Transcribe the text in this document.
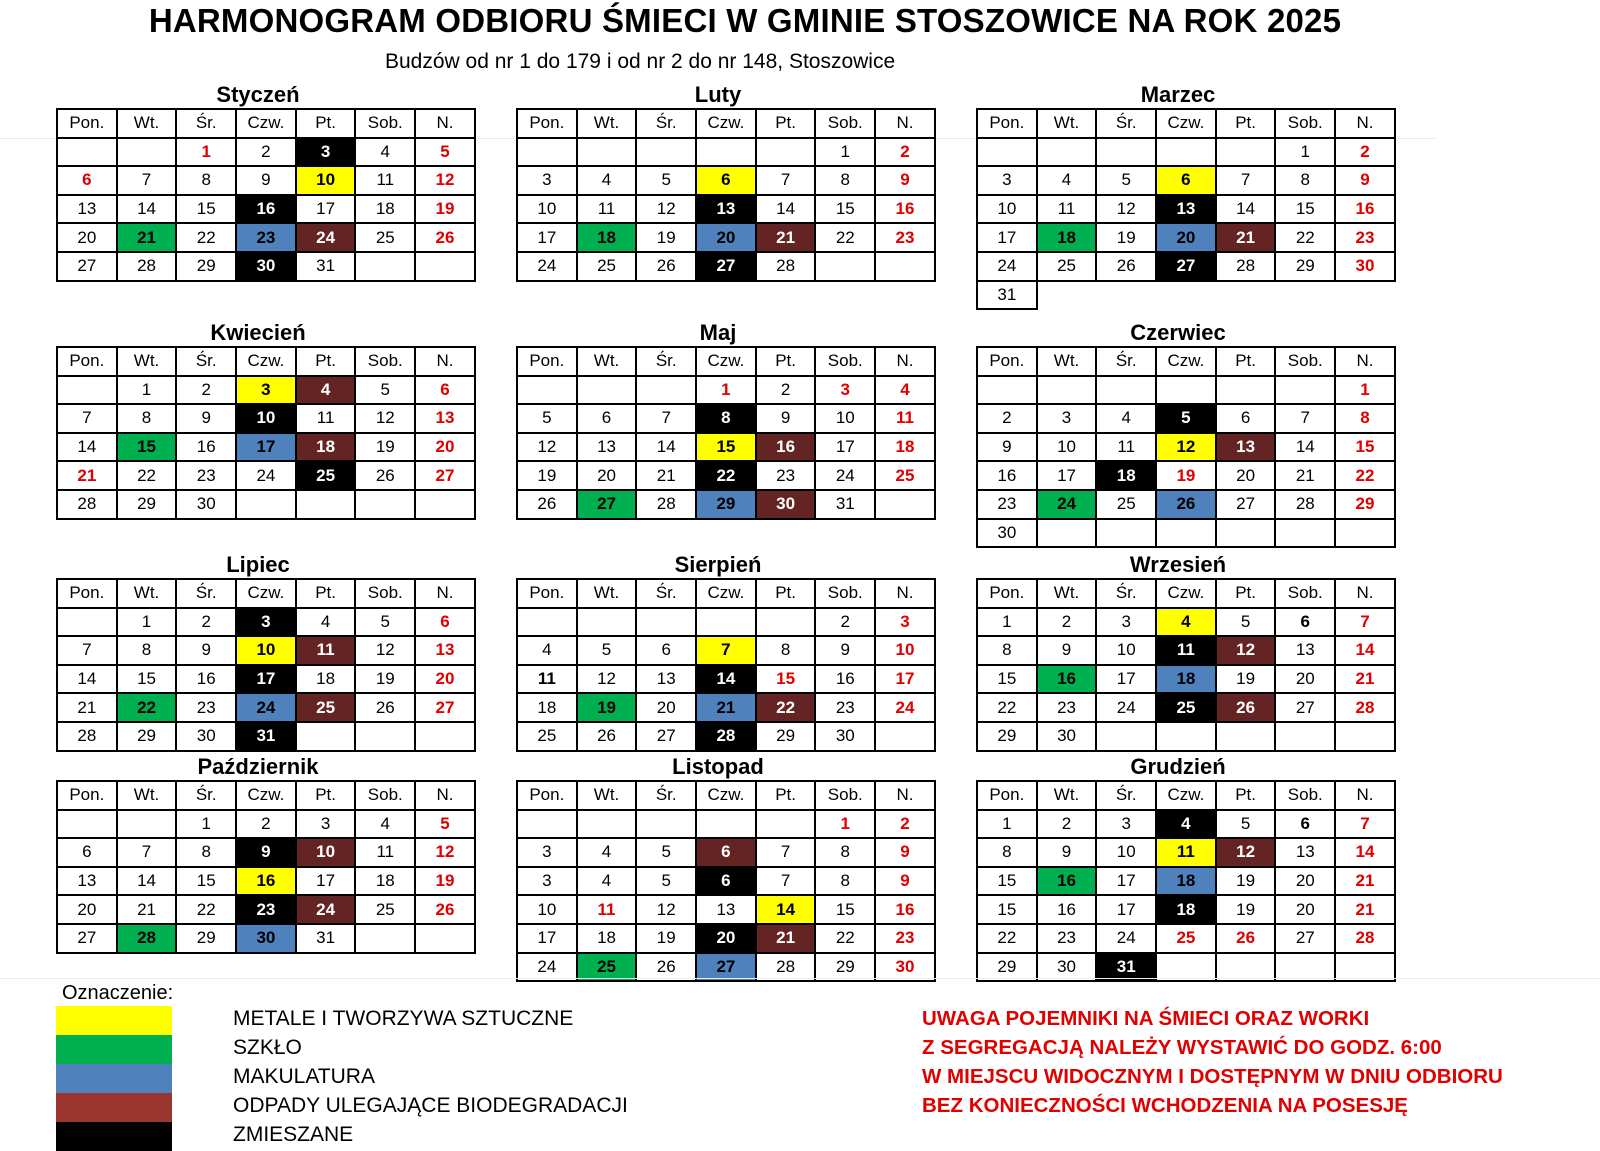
HARMONOGRAM ODBIORU ŚMIECI W GMINIE STOSZOWICE NA ROK 2025
Budzów od nr 1 do 179 i od nr 2 do nr 148, Stoszowice
Styczeń
Pon.	Wt.	Śr.	Czw.	Pt.	Sob.	N.
		1	2	3	4	5
6	7	8	9	10	11	12
13	14	15	16	17	18	19
20	21	22	23	24	25	26
27	28	29	30	31		
Luty
Pon.	Wt.	Śr.	Czw.	Pt.	Sob.	N.
					1	2
3	4	5	6	7	8	9
10	11	12	13	14	15	16
17	18	19	20	21	22	23
24	25	26	27	28		
Marzec
Pon.	Wt.	Śr.	Czw.	Pt.	Sob.	N.
					1	2
3	4	5	6	7	8	9
10	11	12	13	14	15	16
17	18	19	20	21	22	23
24	25	26	27	28	29	30
31						
Kwiecień
Pon.	Wt.	Śr.	Czw.	Pt.	Sob.	N.
	1	2	3	4	5	6
7	8	9	10	11	12	13
14	15	16	17	18	19	20
21	22	23	24	25	26	27
28	29	30				
Maj
Pon.	Wt.	Śr.	Czw.	Pt.	Sob.	N.
			1	2	3	4
5	6	7	8	9	10	11
12	13	14	15	16	17	18
19	20	21	22	23	24	25
26	27	28	29	30	31	
Czerwiec
Pon.	Wt.	Śr.	Czw.	Pt.	Sob.	N.
						1
2	3	4	5	6	7	8
9	10	11	12	13	14	15
16	17	18	19	20	21	22
23	24	25	26	27	28	29
30						
Lipiec
Pon.	Wt.	Śr.	Czw.	Pt.	Sob.	N.
	1	2	3	4	5	6
7	8	9	10	11	12	13
14	15	16	17	18	19	20
21	22	23	24	25	26	27
28	29	30	31			
Sierpień
Pon.	Wt.	Śr.	Czw.	Pt.	Sob.	N.
					2	3
4	5	6	7	8	9	10
11	12	13	14	15	16	17
18	19	20	21	22	23	24
25	26	27	28	29	30	
Wrzesień
Pon.	Wt.	Śr.	Czw.	Pt.	Sob.	N.
1	2	3	4	5	6	7
8	9	10	11	12	13	14
15	16	17	18	19	20	21
22	23	24	25	26	27	28
29	30					
Październik
Pon.	Wt.	Śr.	Czw.	Pt.	Sob.	N.
		1	2	3	4	5
6	7	8	9	10	11	12
13	14	15	16	17	18	19
20	21	22	23	24	25	26
27	28	29	30	31		
Listopad
Pon.	Wt.	Śr.	Czw.	Pt.	Sob.	N.
					1	2
3	4	5	6	7	8	9
3	4	5	6	7	8	9
10	11	12	13	14	15	16
17	18	19	20	21	22	23
24	25	26	27	28	29	30
Grudzień
Pon.	Wt.	Śr.	Czw.	Pt.	Sob.	N.
1	2	3	4	5	6	7
8	9	10	11	12	13	14
15	16	17	18	19	20	21
15	16	17	18	19	20	21
22	23	24	25	26	27	28
29	30	31				
Oznaczenie:
METALE I TWORZYWA SZTUCZNE
SZKŁO
MAKULATURA
ODPADY ULEGAJĄCE BIODEGRADACJI
ZMIESZANE
UWAGA POJEMNIKI NA ŚMIECI ORAZ WORKI
Z SEGREGACJĄ NALEŻY WYSTAWIĆ DO GODZ. 6:00
W MIEJSCU WIDOCZNYM I DOSTĘPNYM W DNIU ODBIORU
BEZ KONIECZNOŚCI WCHODZENIA NA POSESJĘ
